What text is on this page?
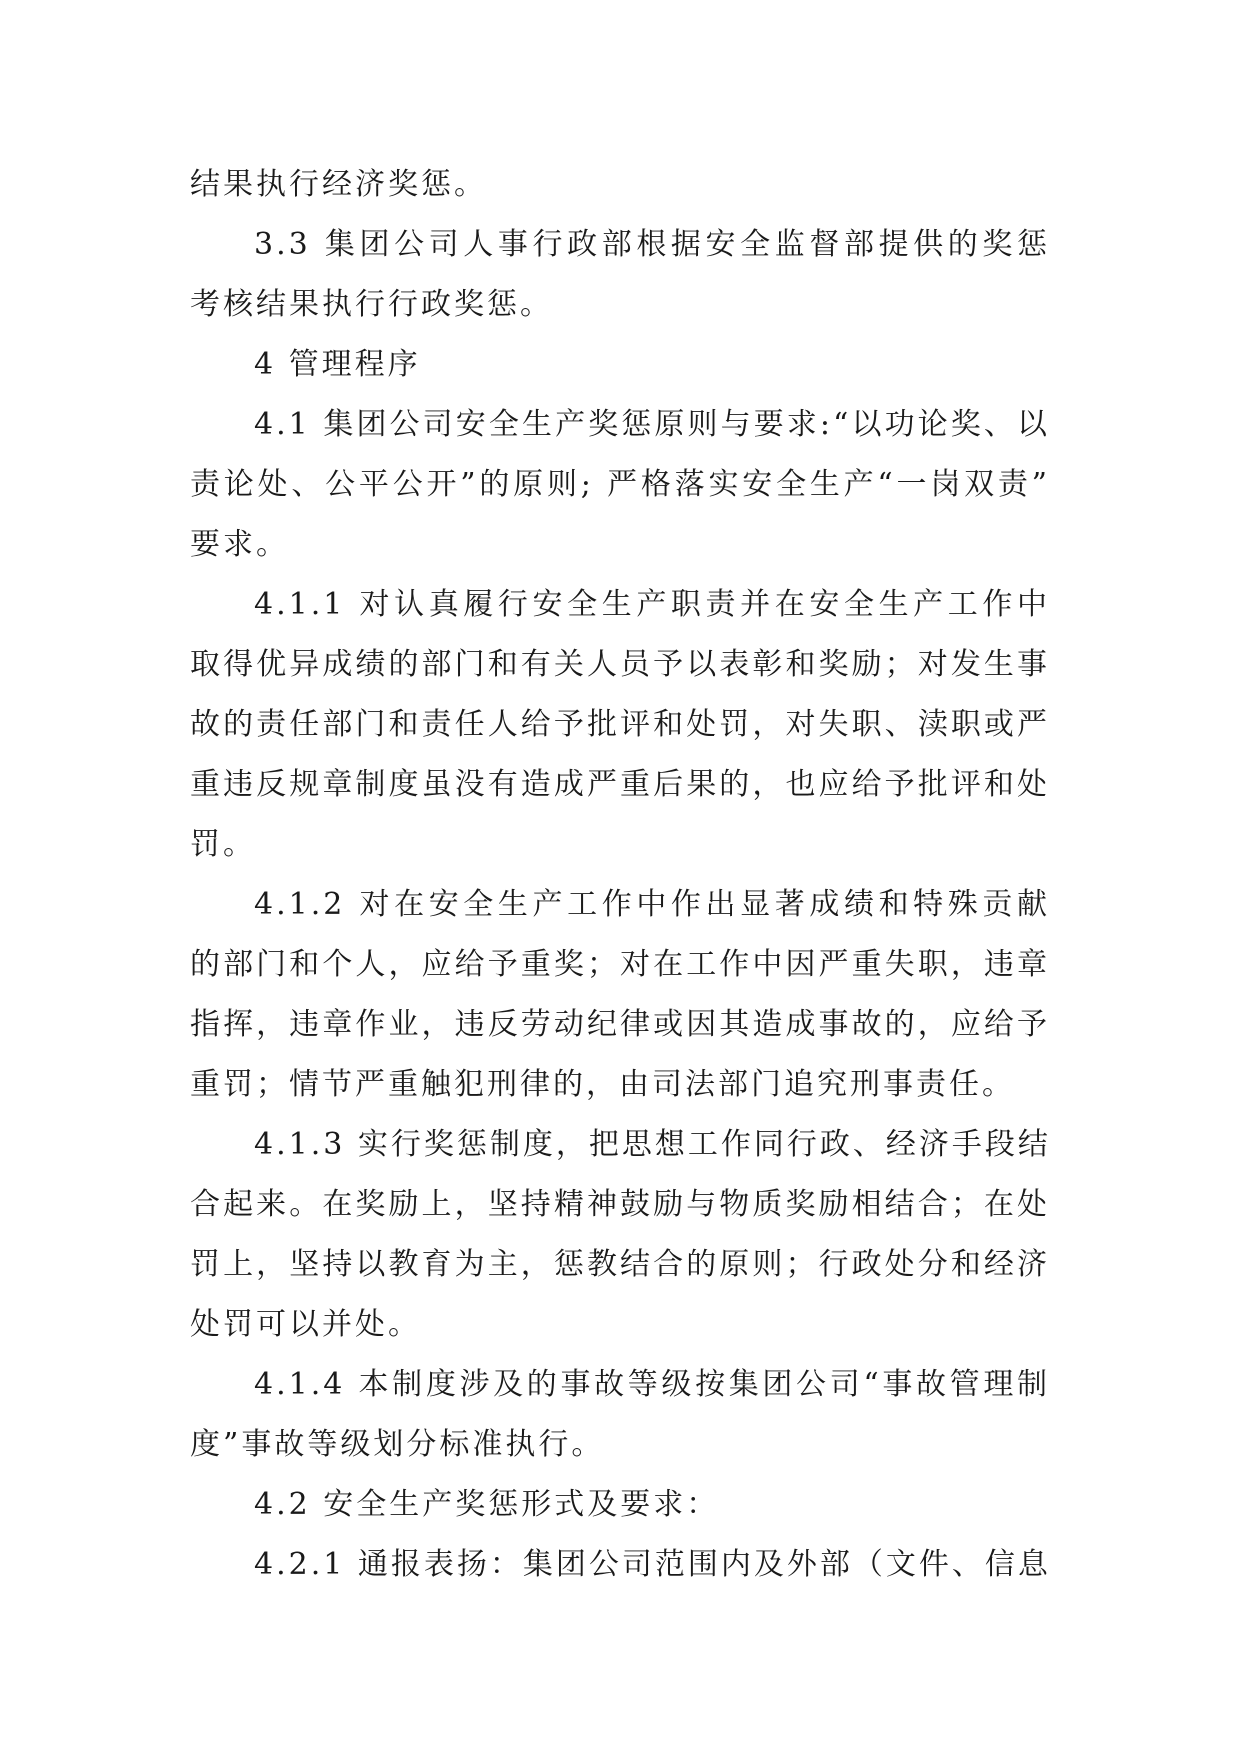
结果执行经济奖惩。
3.3 集团公司人事行政部根据安全监督部提供的奖惩
考核结果执行行政奖惩。
4 管理程序
4.1 集团公司安全生产奖惩原则与要求:“以功论奖、以
责论处、公平公开”的原则; 严格落实安全生产“一岗双责”
要求。
4.1.1 对认真履行安全生产职责并在安全生产工作中
取得优异成绩的部门和有关人员予以表彰和奖励；对发生事
故的责任部门和责任人给予批评和处罚，对失职、渎职或严
重违反规章制度虽没有造成严重后果的，也应给予批评和处
罚。
4.1.2 对在安全生产工作中作出显著成绩和特殊贡献
的部门和个人，应给予重奖；对在工作中因严重失职，违章
指挥，违章作业，违反劳动纪律或因其造成事故的，应给予
重罚；情节严重触犯刑律的，由司法部门追究刑事责任。
4.1.3 实行奖惩制度，把思想工作同行政、经济手段结
合起来。在奖励上，坚持精神鼓励与物质奖励相结合；在处
罚上，坚持以教育为主，惩教结合的原则；行政处分和经济
处罚可以并处。
4.1.4 本制度涉及的事故等级按集团公司“事故管理制
度”事故等级划分标准执行。
4.2 安全生产奖惩形式及要求：
4.2.1 通报表扬：集团公司范围内及外部（文件、信息
